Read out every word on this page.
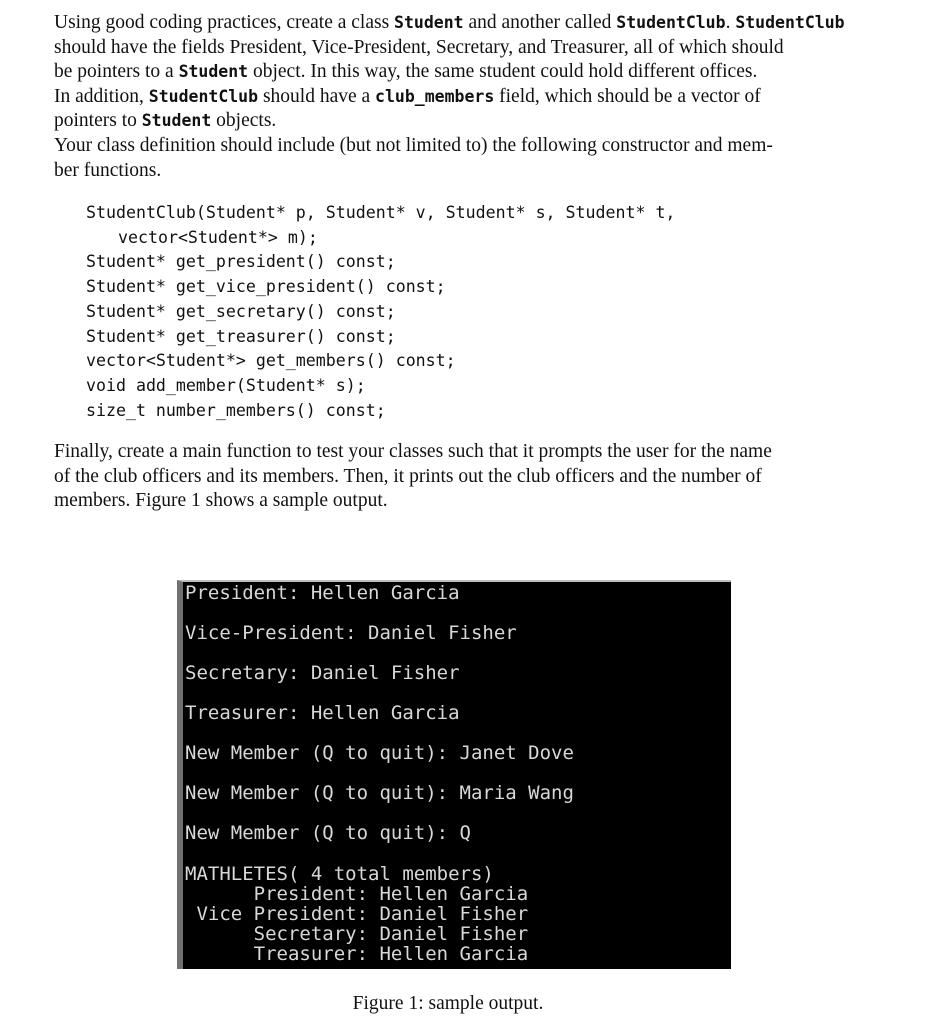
Using good coding practices, create a class Student and another called StudentClub. StudentClub
should have the fields President, Vice-President, Secretary, and Treasurer, all of which should
be pointers to a Student object. In this way, the same student could hold different offices.
In addition, StudentClub should have a club_members field, which should be a vector of
pointers to Student objects.
Your class definition should include (but not limited to) the following constructor and mem-
ber functions.
StudentClub(Student* p, Student* v, Student* s, Student* t,
vector<Student*> m);
Student* get_president() const;
Student* get_vice_president() const;
Student* get_secretary() const;
Student* get_treasurer() const;
vector<Student*> get_members() const;
void add_member(Student* s);
size_t number_members() const;
Finally, create a main function to test your classes such that it prompts the user for the name
of the club officers and its members. Then, it prints out the club officers and the number of
members. Figure 1 shows a sample output.
President: Hellen Garcia
Vice-President: Daniel Fisher
Secretary: Daniel Fisher
Treasurer: Hellen Garcia
New Member (Q to quit): Janet Dove
New Member (Q to quit): Maria Wang
New Member (Q to quit): Q
MATHLETES( 4 total members)
President: Hellen Garcia
Vice President: Daniel Fisher
Secretary: Daniel Fisher
Treasurer: Hellen Garcia
Figure 1: sample output.
